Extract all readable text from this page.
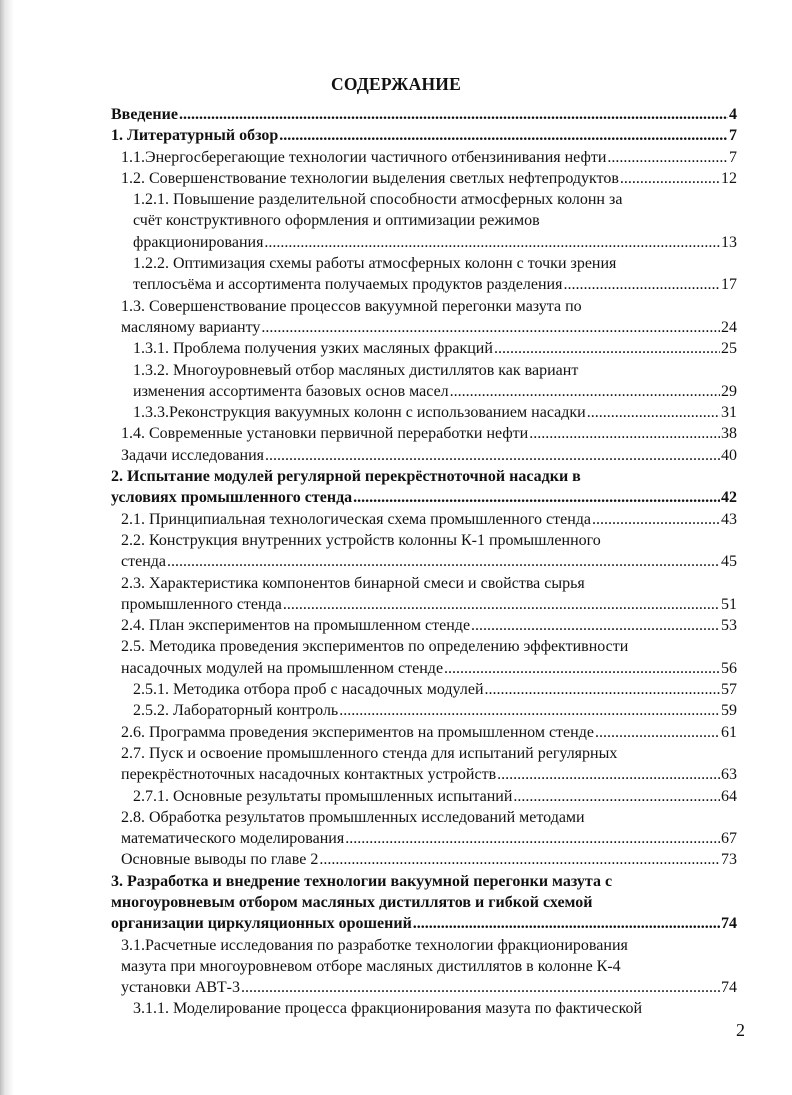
СОДЕРЖАНИЕ
Введение .....	4
1. Литературный обзор .....	7
1.1.Энергосберегающие технологии частичного отбензинивания нефти .....	7
1.2. Совершенствование технологии выделения светлых нефтепродуктов .....	12
1.2.1. Повышение разделительной способности атмосферных колонн за
счёт конструктивного оформления и оптимизации режимов
фракционирования .....	13
1.2.2. Оптимизация схемы работы атмосферных колонн с точки зрения
теплосъёма и ассортимента получаемых продуктов разделения .....	17
1.3. Совершенствование процессов вакуумной перегонки мазута по
масляному варианту .....	24
1.3.1. Проблема получения узких масляных фракций .....	25
1.3.2. Многоуровневый отбор масляных дистиллятов как вариант
изменения ассортимента базовых основ масел .....	29
1.3.3.Реконструкция вакуумных колонн с использованием насадки .....	31
1.4. Современные установки первичной переработки нефти .....	38
Задачи исследования .....	40
2. Испытание модулей регулярной перекрёстноточной насадки в
условиях промышленного стенда .....	42
2.1. Принципиальная технологическая схема промышленного стенда .....	43
2.2. Конструкция внутренних устройств колонны К-1 промышленного
стенда .....	45
2.3. Характеристика компонентов бинарной смеси и свойства сырья
промышленного стенда .....	51
2.4. План экспериментов на промышленном стенде .....	53
2.5. Методика проведения экспериментов по определению эффективности
насадочных модулей на промышленном стенде .....	56
2.5.1. Методика отбора проб с насадочных модулей .....	57
2.5.2. Лабораторный контроль .....	59
2.6. Программа проведения экспериментов на промышленном стенде .....	61
2.7. Пуск и освоение промышленного стенда для испытаний регулярных
перекрёстноточных насадочных контактных устройств .....	63
2.7.1. Основные результаты промышленных испытаний .....	64
2.8. Обработка результатов промышленных исследований методами
математического моделирования .....	67
Основные выводы по главе 2 .....	73
3. Разработка и внедрение технологии вакуумной перегонки мазута с
многоуровневым отбором масляных дистиллятов и гибкой схемой
организации циркуляционных орошений .....	74
3.1.Расчетные исследования по разработке технологии фракционирования
мазута при многоуровневом отборе масляных дистиллятов в колонне К-4
установки АВТ-3 .....	74
3.1.1. Моделирование процесса фракционирования мазута по фактической
2
